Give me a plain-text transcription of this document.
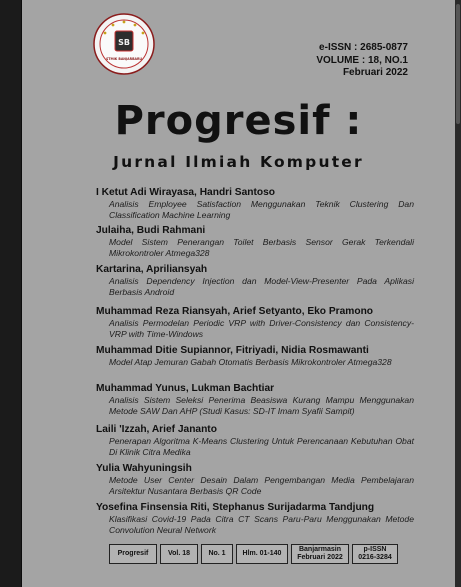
SB
STMIK BANJARBARU
e-ISSN : 2685-0877
VOLUME : 18, NO.1
Februari 2022
Progresif :
Jurnal Ilmiah Komputer
I Ketut Adi Wirayasa, Handri Santoso
Analisis Employee Satisfaction Menggunakan Teknik Clustering Dan Classification Machine Learning
Julaiha, Budi Rahmani
Model Sistem Penerangan Toilet Berbasis Sensor Gerak Terkendali Mikrokontroler Atmega328
Kartarina, Apriliansyah
Analisis Dependency Injection dan Model-View-Presenter Pada Aplikasi Berbasis Android
Muhammad Reza Riansyah, Arief Setyanto, Eko Pramono
Analisis Permodelan Periodic VRP with Driver-Consistency dan Consistency-VRP with Time-Windows
Muhammad Ditie Supiannor, Fitriyadi, Nidia Rosmawanti
Model Atap Jemuran Gabah Otomatis Berbasis Mikrokontroler Atmega328
Muhammad Yunus, Lukman Bachtiar
Analisis Sistem Seleksi Penerima Beasiswa Kurang Mampu Menggunakan Metode SAW Dan AHP (Studi Kasus: SD-IT Imam Syafii Sampit)
Laili 'Izzah, Arief Jananto
Penerapan Algoritma K-Means Clustering Untuk Perencanaan Kebutuhan Obat Di Klinik Citra Medika
Yulia Wahyuningsih
Metode User Center Desain Dalam Pengembangan Media Pembelajaran Arsitektur Nusantara Berbasis QR Code
Yosefina Finsensia Riti, Stephanus Surijadarma Tandjung
Klasifikasi Covid-19 Pada Citra CT Scans Paru-Paru Menggunakan Metode Convolution Neural Network
Progresif	Vol. 18	No. 1	Hlm. 01-140
Banjarmasin
Februari 2022
p-ISSN
0216-3284
